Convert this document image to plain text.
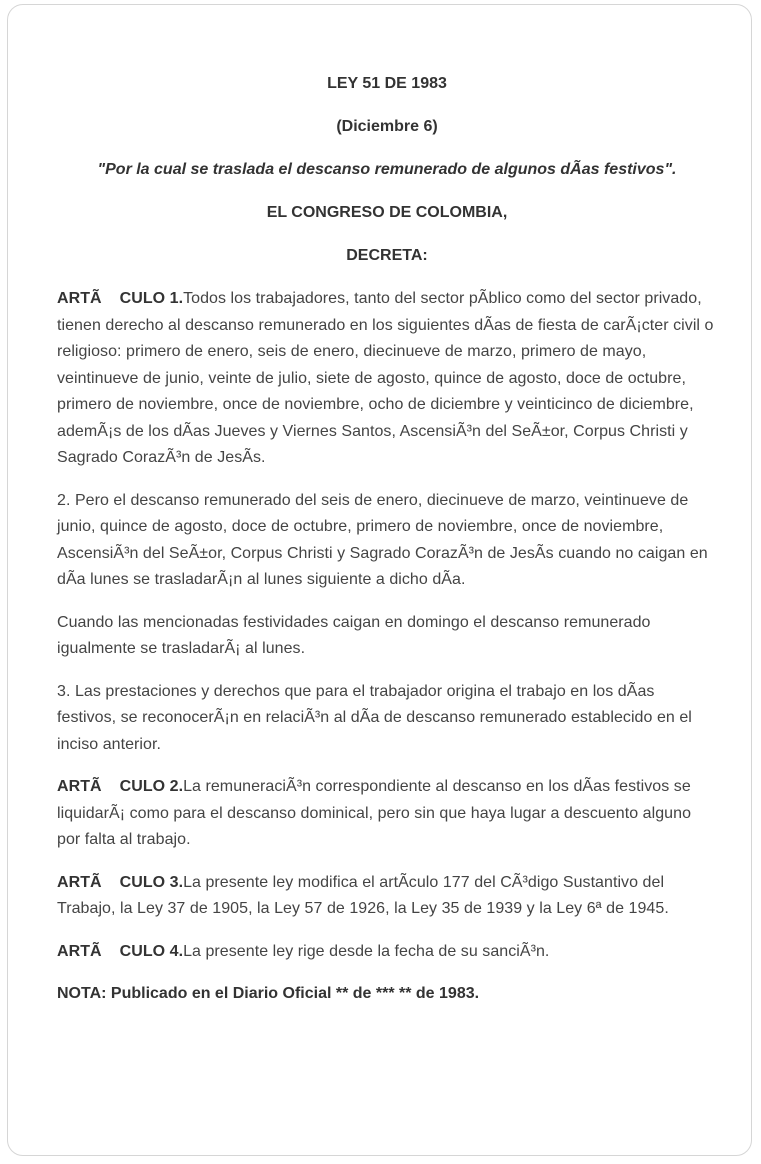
LEY 51 DE 1983

(Diciembre 6)

"Por la cual se traslada el descanso remunerado de algunos dÃas festivos".

EL CONGRESO DE COLOMBIA,

DECRETA:

ARTÃ    CULO 1.Todos los trabajadores, tanto del sector pÃblico como del sector privado, tienen derecho al descanso remunerado en los siguientes dÃas de fiesta de carÃ¡cter civil o religioso: primero de enero, seis de enero, diecinueve de marzo, primero de mayo, veintinueve de junio, veinte de julio, siete de agosto, quince de agosto, doce de octubre, primero de noviembre, once de noviembre, ocho de diciembre y veinticinco de diciembre, ademÃ¡s de los dÃas Jueves y Viernes Santos, AscensiÃ³n del SeÃ±or, Corpus Christi y Sagrado CorazÃ³n de JesÃs.

2. Pero el descanso remunerado del seis de enero, diecinueve de marzo, veintinueve de junio, quince de agosto, doce de octubre, primero de noviembre, once de noviembre, AscensiÃ³n del SeÃ±or, Corpus Christi y Sagrado CorazÃ³n de JesÃs cuando no caigan en dÃa lunes se trasladarÃ¡n al lunes siguiente a dicho dÃa.

Cuando las mencionadas festividades caigan en domingo el descanso remunerado igualmente se trasladarÃ¡ al lunes.

3. Las prestaciones y derechos que para el trabajador origina el trabajo en los dÃas festivos, se reconocerÃ¡n en relaciÃ³n al dÃa de descanso remunerado establecido en el inciso anterior.

ARTÃ    CULO 2.La remuneraciÃ³n correspondiente al descanso en los dÃas festivos se liquidarÃ¡ como para el descanso dominical, pero sin que haya lugar a descuento alguno por falta al trabajo.

ARTÃ    CULO 3.La presente ley modifica el artÃculo 177 del CÃ³digo Sustantivo del Trabajo, la Ley 37 de 1905, la Ley 57 de 1926, la Ley 35 de 1939 y la Ley 6ª de 1945.

ARTÃ    CULO 4.La presente ley rige desde la fecha de su sanciÃ³n.

NOTA: Publicado en el Diario Oficial ** de *** ** de 1983.
